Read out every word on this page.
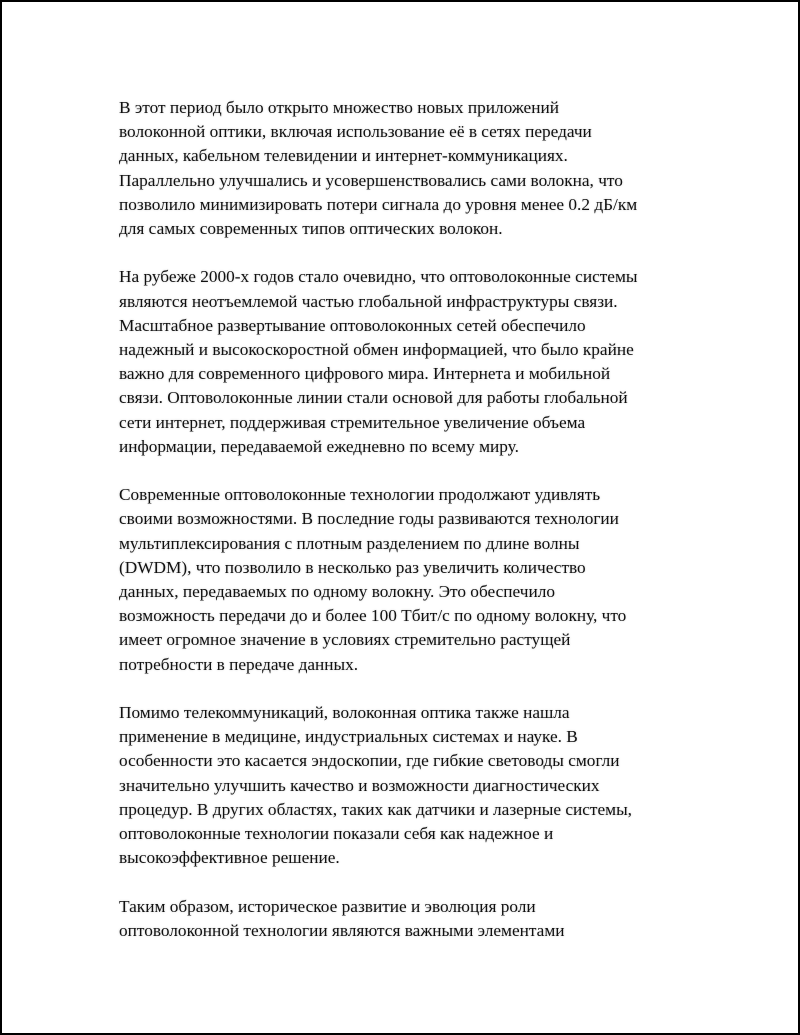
В этот период было открыто множество новых приложений
волоконной оптики, включая использование её в сетях передачи
данных, кабельном телевидении и интернет-коммуникациях.
Параллельно улучшались и усовершенствовались сами волокна, что
позволило минимизировать потери сигнала до уровня менее 0.2 дБ/км
для самых современных типов оптических волокон.

На рубеже 2000-х годов стало очевидно, что оптоволоконные системы
являются неотъемлемой частью глобальной инфраструктуры связи.
Масштабное развертывание оптоволоконных сетей обеспечило
надежный и высокоскоростной обмен информацией, что было крайне
важно для современного цифрового мира. Интернета и мобильной
связи. Оптоволоконные линии стали основой для работы глобальной
сети интернет, поддерживая стремительное увеличение объема
информации, передаваемой ежедневно по всему миру.

Современные оптоволоконные технологии продолжают удивлять
своими возможностями. В последние годы развиваются технологии
мультиплексирования с плотным разделением по длине волны
(DWDM), что позволило в несколько раз увеличить количество
данных, передаваемых по одному волокну. Это обеспечило
возможность передачи до и более 100 Тбит/с по одному волокну, что
имеет огромное значение в условиях стремительно растущей
потребности в передаче данных.

Помимо телекоммуникаций, волоконная оптика также нашла
применение в медицине, индустриальных системах и науке. В
особенности это касается эндоскопии, где гибкие световоды смогли
значительно улучшить качество и возможности диагностических
процедур. В других областях, таких как датчики и лазерные системы,
оптоволоконные технологии показали себя как надежное и
высокоэффективное решение.

Таким образом, историческое развитие и эволюция роли
оптоволоконной технологии являются важными элементами
